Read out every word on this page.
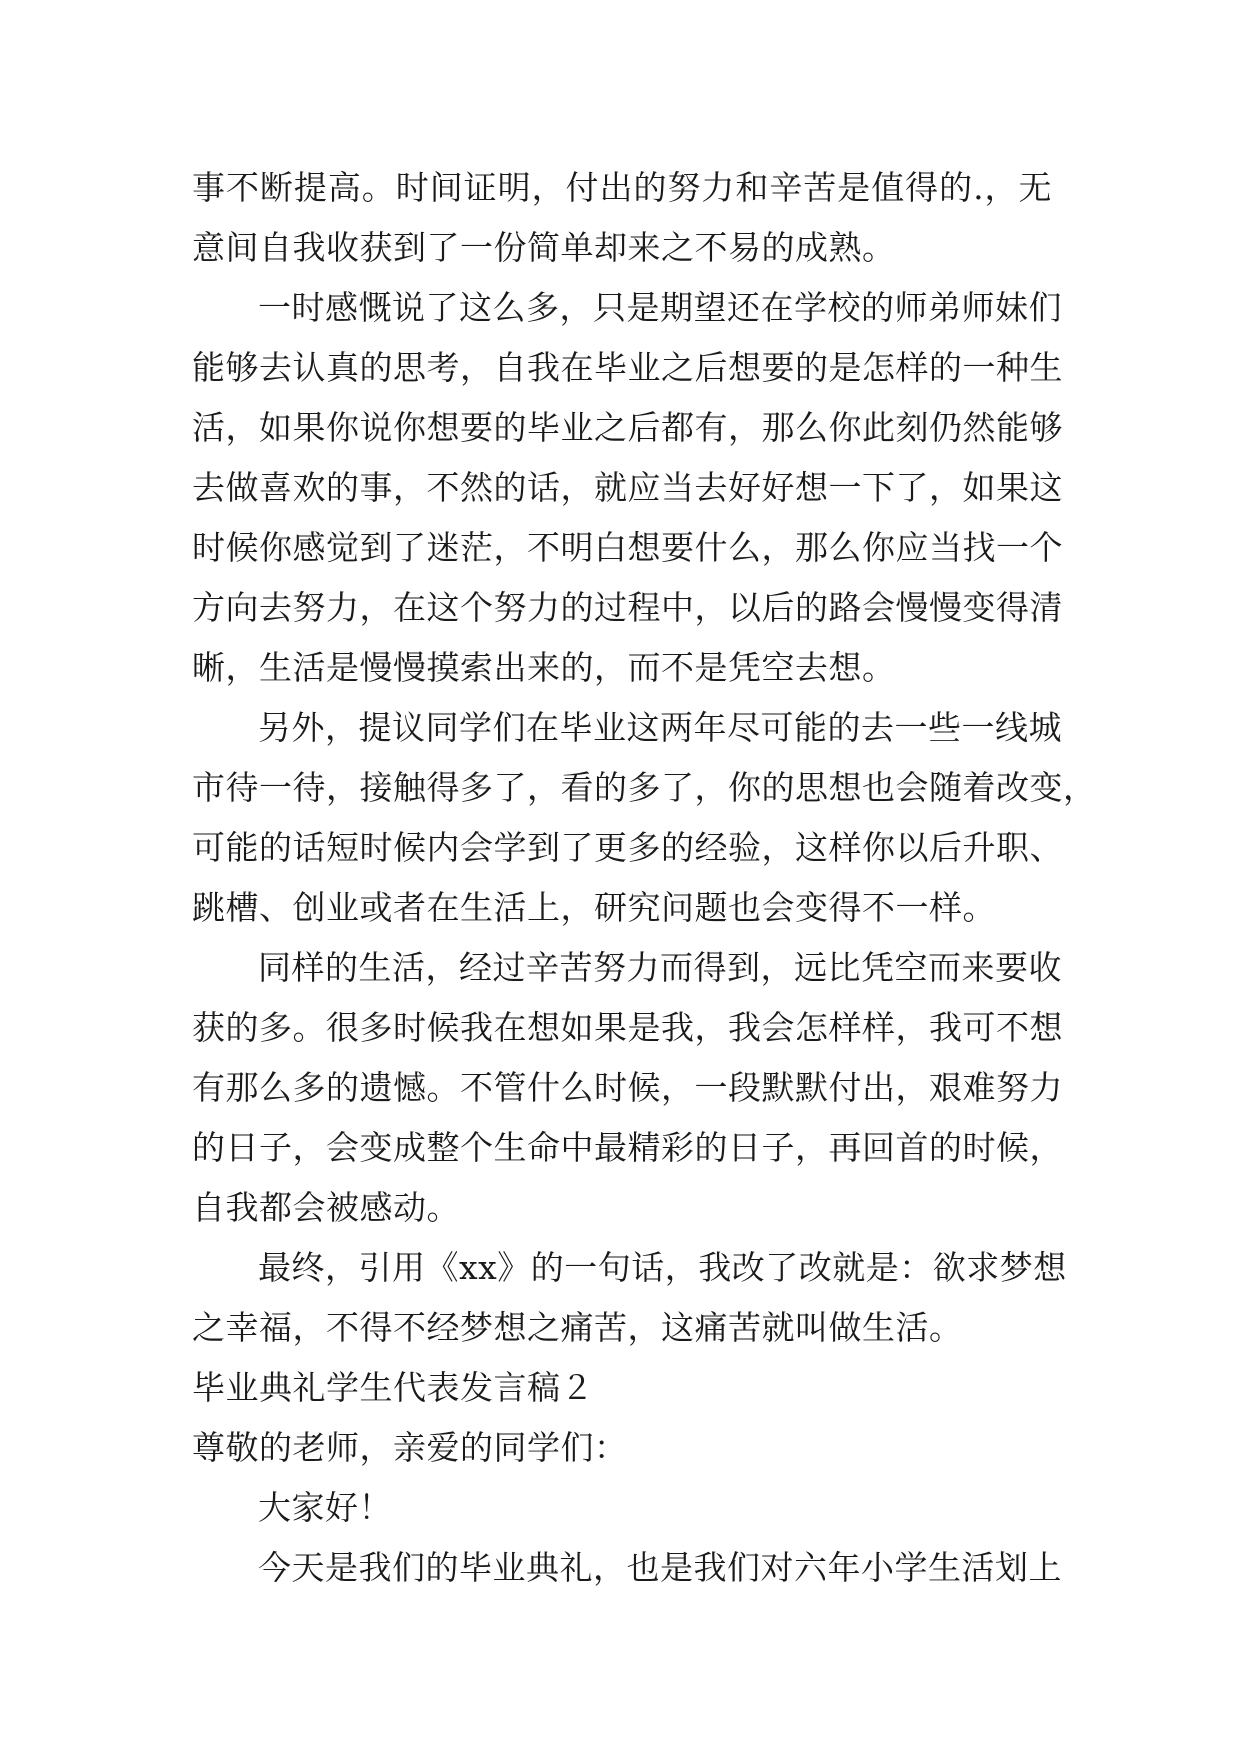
事不断提高。时间证明，付出的努力和辛苦是值得的.，无
意间自我收获到了一份简单却来之不易的成熟。
一时感慨说了这么多，只是期望还在学校的师弟师妹们
能够去认真的思考，自我在毕业之后想要的是怎样的一种生
活，如果你说你想要的毕业之后都有，那么你此刻仍然能够
去做喜欢的事，不然的话，就应当去好好想一下了，如果这
时候你感觉到了迷茫，不明白想要什么，那么你应当找一个
方向去努力，在这个努力的过程中，以后的路会慢慢变得清
晰，生活是慢慢摸索出来的，而不是凭空去想。
另外，提议同学们在毕业这两年尽可能的去一些一线城
市待一待，接触得多了，看的多了，你的思想也会随着改变，
可能的话短时候内会学到了更多的经验，这样你以后升职、
跳槽、创业或者在生活上，研究问题也会变得不一样。
同样的生活，经过辛苦努力而得到，远比凭空而来要收
获的多。很多时候我在想如果是我，我会怎样样，我可不想
有那么多的遗憾。不管什么时候，一段默默付出，艰难努力
的日子，会变成整个生命中最精彩的日子，再回首的时候，
自我都会被感动。
最终，引用《xx》的一句话，我改了改就是：欲求梦想
之幸福，不得不经梦想之痛苦，这痛苦就叫做生活。
毕业典礼学生代表发言稿２
尊敬的老师，亲爱的同学们：
大家好！
今天是我们的毕业典礼，也是我们对六年小学生活划上
